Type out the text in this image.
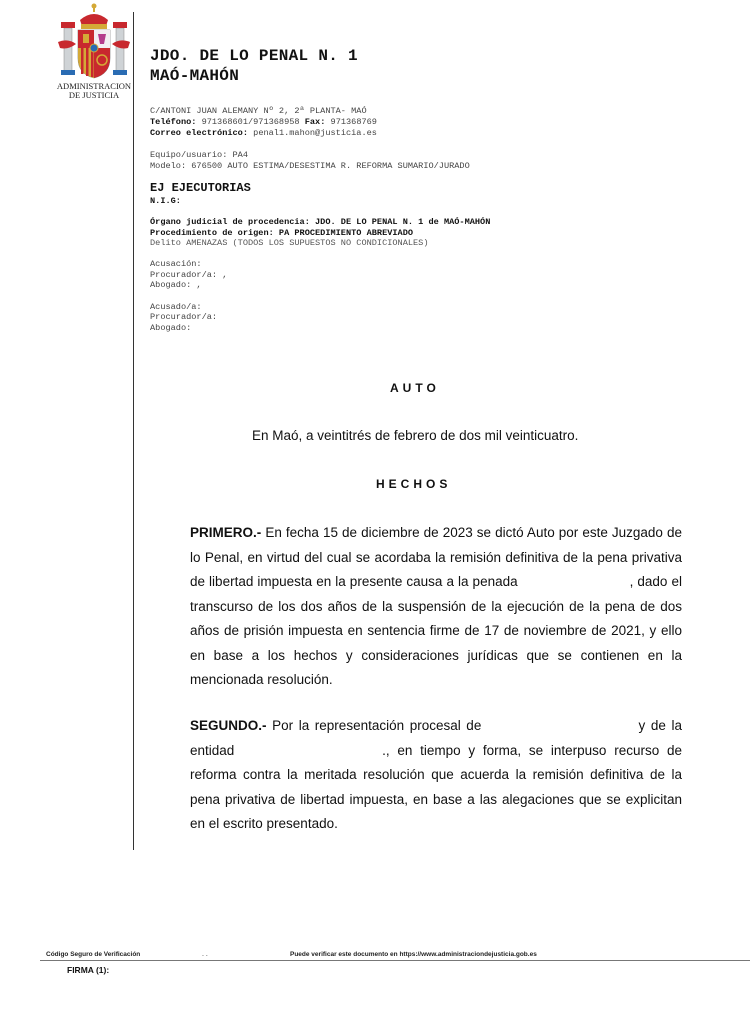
ADMINISTRACION
DE JUSTICIA
JDO. DE LO PENAL N. 1
MAÓ-MAHÓN
C/ANTONI JUAN ALEMANY Nº 2, 2ª PLANTA- MAÓ
Teléfono: 971368601/971368958 Fax: 971368769
Correo electrónico: penal1.mahon@justicia.es
Equipo/usuario: PA4
Modelo: 676500 AUTO ESTIMA/DESESTIMA R. REFORMA SUMARIO/JURADO
EJ EJECUTORIAS
N.I.G:
Órgano judicial de procedencia: JDO. DE LO PENAL N. 1 de MAÓ-MAHÓN
Procedimiento de origen: PA PROCEDIMIENTO ABREVIADO
Delito AMENAZAS (TODOS LOS SUPUESTOS NO CONDICIONALES)
Acusación:
Procurador/a: ,
Abogado: ,
Acusado/a:
Procurador/a:
Abogado:
AUTO
En Maó, a veintitrés de febrero de dos mil veinticuatro.
HECHOS

PRIMERO.- En fecha 15 de diciembre de 2023 se dictó Auto por este Juzgado de lo Penal, en virtud del cual se acordaba la remisión definitiva de la pena privativa de libertad impuesta en la presente causa a la penada	, dado el transcurso de los dos años de la suspensión de la ejecución de la pena de dos años de prisión impuesta en sentencia firme de 17 de noviembre de 2021, y ello en base a los hechos y consideraciones jurídicas que se contienen en la mencionada resolución.

SEGUNDO.- Por la representación procesal de	y de la entidad	., en tiempo y forma, se interpuso recurso de reforma contra la meritada resolución que acuerda la remisión definitiva de la pena privativa de libertad impuesta, en base a las alegaciones que se explicitan en el escrito presentado.

Código Seguro de Verificación	. .	Puede verificar este documento en https://www.administraciondejusticia.gob.es
FIRMA (1):
